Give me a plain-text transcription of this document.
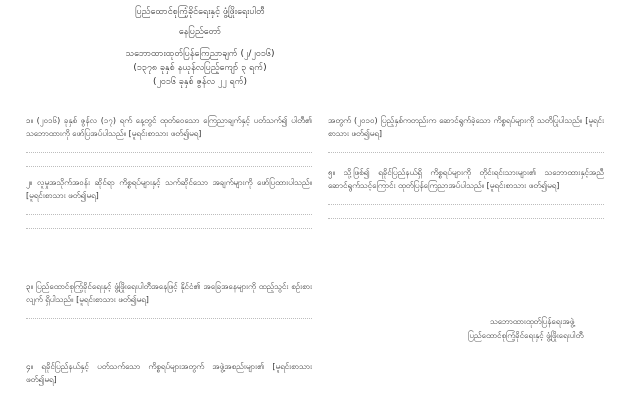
ပြည်ထောင်စုကြံ့ခိုင်ရေးနှင့် ဖွံ့ဖြိုးရေးပါတီ
နေပြည်တော်
သဘောထားထုတ်ပြန်ကြေညာချက် (၂/၂၀၁၆)
(၁၃၇၈ ခုနှစ် နယုန်လပြည့်ကျော် ၃ ရက်)
(၂၀၁၆ ခုနှစ် ဇွန်လ ၂၂ ရက်)
၁။ (၂၀၁၆) ခုနှစ် ဇွန်လ (၁၇) ရက် နေ့တွင် ထုတ်ဝေသော ကြေညာချက်နှင့် ပတ်သက်၍ ပါတီ၏ သဘောထားကို ဖော်ပြအပ်ပါသည်။ [မူရင်းစာသား ဖတ်၍မရ]
၂။ လူမှုအသိုက်အဝန်း ဆိုင်ရာ ကိစ္စရပ်များနှင့် သက်ဆိုင်သော အချက်များကို ဖော်ပြထားပါသည်။ [မူရင်းစာသား ဖတ်၍မရ]
၃။ ပြည်ထောင်စုကြံ့ခိုင်ရေးနှင့် ဖွံ့ဖြိုးရေးပါတီအနေဖြင့် နိုင်ငံ၏ အခြေအနေများကို ထည့်သွင်း စဉ်းစားလျက် ရှိပါသည်။ [မူရင်းစာသား ဖတ်၍မရ]
၄။ ရခိုင်ပြည်နယ်နှင့် ပတ်သက်သော ကိစ္စရပ်များအတွက် အဖွဲ့အစည်းများ၏ [မူရင်းစာသား ဖတ်၍မရ]
အတွက် (၂၀၁၀) ပြည့်နှစ်ကတည်းက ဆောင်ရွက်ခဲ့သော ကိစ္စရပ်များကို သတိပြုပါသည်။ [မူရင်းစာသား ဖတ်၍မရ]
၅။ သို့ဖြစ်၍ ရခိုင်ပြည်နယ်ရှိ ကိစ္စရပ်များကို တိုင်းရင်းသားများ၏ သဘောထားနှင့်အညီ ဆောင်ရွက်သင့်ကြောင်း ထုတ်ပြန်ကြေညာအပ်ပါသည်။ [မူရင်းစာသား ဖတ်၍မရ]
သဘောထားထုတ်ပြန်ရေးအဖွဲ့
ပြည်ထောင်စုကြံ့ခိုင်ရေးနှင့် ဖွံ့ဖြိုးရေးပါတီ
